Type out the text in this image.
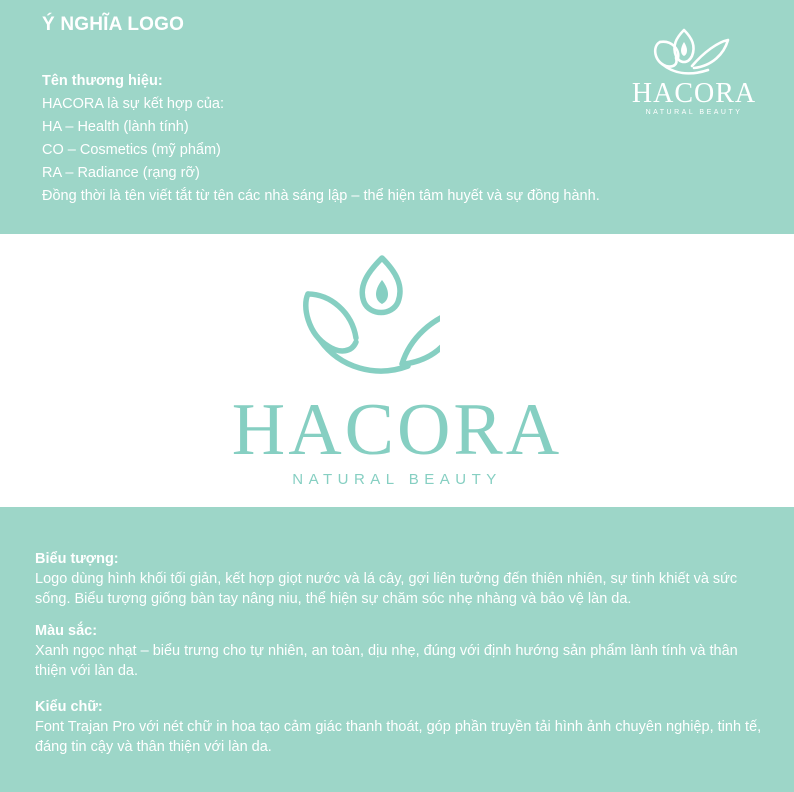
Ý NGHĨA LOGO
Tên thương hiệu:
HACORA là sự kết hợp của:
HA – Health (lành tính)
CO – Cosmetics (mỹ phẩm)
RA – Radiance (rạng rỡ)
Đồng thời là tên viết tắt từ tên các nhà sáng lập – thể hiện tâm huyết và sự đồng hành.
HACORA
NATURAL BEAUTY
HACORA
NATURAL BEAUTY
Biểu tượng:
Logo dùng hình khối tối giản, kết hợp giọt nước và lá cây, gợi liên tưởng đến thiên nhiên, sự tinh khiết và sức sống. Biểu tượng giống bàn tay nâng niu, thể hiện sự chăm sóc nhẹ nhàng và bảo vệ làn da.
Màu sắc:
Xanh ngọc nhạt – biểu trưng cho tự nhiên, an toàn, dịu nhẹ, đúng với định hướng sản phẩm lành tính và thân thiện với làn da.
Kiểu chữ:
Font Trajan Pro với nét chữ in hoa tạo cảm giác thanh thoát, góp phần truyền tải hình ảnh chuyên nghiệp, tinh tế, đáng tin cậy và thân thiện với làn da.
